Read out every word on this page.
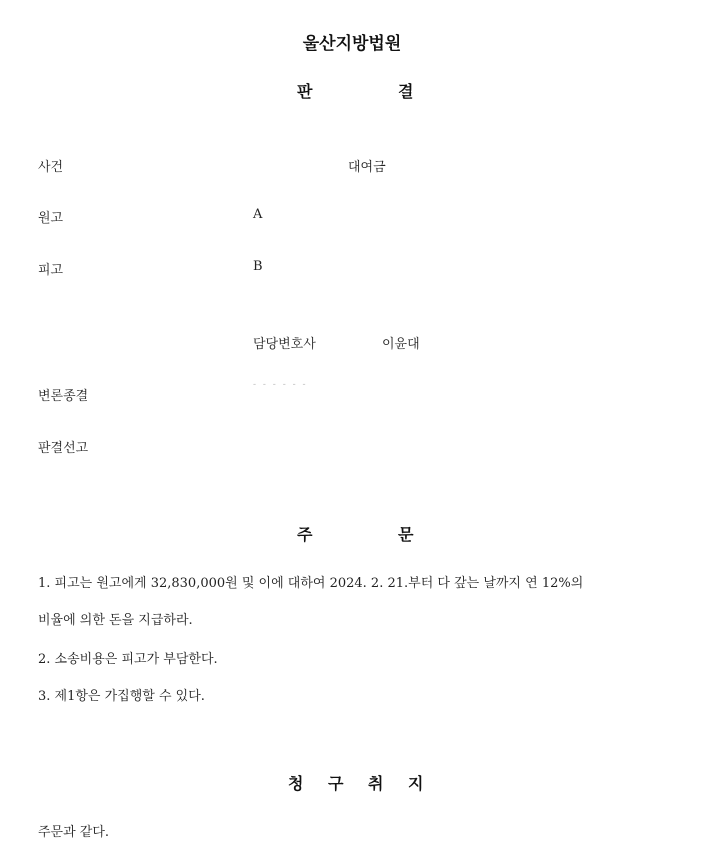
울산지방법원
판	결
사건	대여금
원고	A
피고	B
담당변호사	이윤대
- - - - - -
변론종결
판결선고
주	문
1. 피고는 원고에게 32,830,000원 및 이에 대하여 2024. 2. 21.부터 다 갚는 날까지 연 12%의
비율에 의한 돈을 지급하라.
2. 소송비용은 피고가 부담한다.
3. 제1항은 가집행할 수 있다.
청 구 취 지
주문과 같다.
